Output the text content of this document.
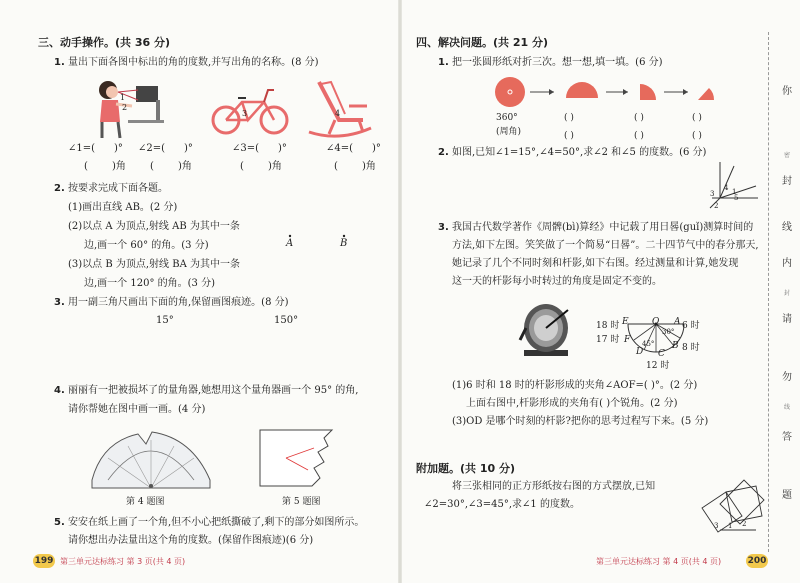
三、动手操作。(共 36 分)
1. 量出下面各图中标出的角的度数,并写出角的名称。(8 分)
1
2
3	4
∠1=( )° ∠2=( )°	∠3=( )°	∠4=( )°
( )角 ( )角	( )角	( )角
2. 按要求完成下面各题。
(1)画出直线 AB。(2 分)
(2)以点 A 为顶点,射线 AB 为其中一条
边,画一个 60° 的角。(3 分)
(3)以点 B 为顶点,射线 BA 为其中一条
边,画一个 120° 的角。(3 分)
A	B
3. 用一副三角尺画出下面的角,保留画图痕迹。(8 分)
15°	150°
4. 丽丽有一把被损坏了的量角器,她想用这个量角器画一个 95° 的角,
请你帮她在图中画一画。(4 分)
第 4 题图	第 5 题图
5. 安安在纸上画了一个角,但不小心把纸撕破了,剩下的部分如图所示。
请你想出办法量出这个角的度数。(保留作图痕迹)(6 分)
199 第三单元达标练习 第 3 页(共 4 页)
四、解决问题。(共 21 分)
1. 把一张圆形纸对折三次。想一想,填一填。(6 分)
360°
(周角)
( )	( )	( )
( )	( )	( )
2. 如图,已知∠1=15°,∠4=50°,求∠2 和∠5 的度数。(6 分)
3
4 1
5
2
3. 我国古代数学著作《周髀(bì)算经》中记载了用日晷(guǐ)测算时间的
方法,如下左图。笑笑做了一个简易“日晷”。二十四节气中的春分那天,
她记录了几个不同时刻和杆影,如下右图。经过测量和计算,她发现
这一天的杆影每小时转过的角度是固定不变的。
18 时
17 时
6 时
8 时
12 时
E	O A
B
C
D
F
30°
45°
(1)6 时和 18 时的杆影形成的夹角∠AOF=( )°。(2 分)
上面右图中,杆影形成的夹角有( )个锐角。(2 分)
(3)OD 是哪个时刻的杆影?把你的思考过程写下来。(5 分)
附加题。(共 10 分)
将三张相同的正方形纸按右图的方式摆放,已知
∠2=30°,∠3=45°,求∠1 的度数。
3 1 2
第三单元达标练习 第 4 页(共 4 页)	200
你
密
封
线
内
封
请
勿
线
答
题
